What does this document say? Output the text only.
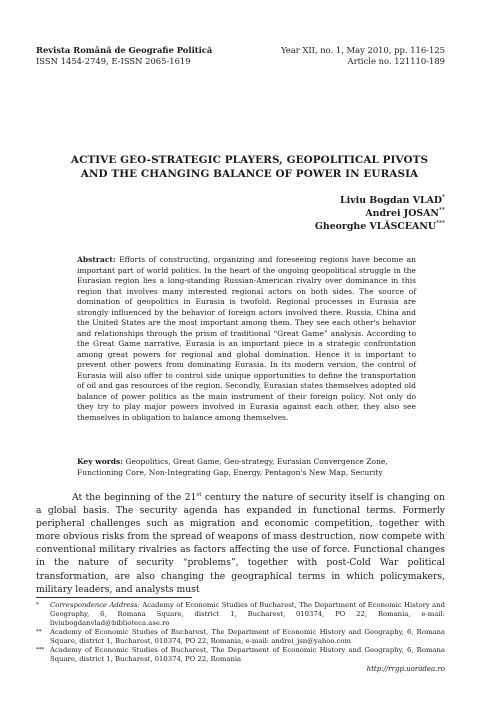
Revista Română de Geografie Politică
ISSN 1454-2749, E-ISSN 2065-1619
Year XII, no. 1, May 2010, pp. 116-125
Article no. 121110-189
ACTIVE GEO-STRATEGIC PLAYERS, GEOPOLITICAL PIVOTS
AND THE CHANGING BALANCE OF POWER IN EURASIA
Liviu Bogdan VLAD*
Andrei JOSAN**
Gheorghe VLĂSCEANU***
Abstract: Efforts of constructing, organizing and foreseeing regions have become an important part of world politics. In the heart of the ongoing geopolitical struggle in the Eurasian region lies a long-standing Russian-American rivalry over dominance in this region that involves many interested regional actors on both sides. The source of domination of geopolitics in Eurasia is twofold. Regional processes in Eurasia are strongly influenced by the behavior of foreign actors involved there. Russia, China and the United States are the most important among them. They see each other's behavior and relationships through the prism of traditional “Great Game” analysis. According to the Great Game narrative, Eurasia is an important piece in a strategic confrontation among great powers for regional and global domination. Hence it is important to prevent other powers from dominating Eurasia. In its modern version, the control of Eurasia will also offer to control side unique opportunities to define the transportation of oil and gas resources of the region. Secondly, Eurasian states themselves adopted old balance of power politics as the main instrument of their foreign policy. Not only do they try to play major powers involved in Eurasia against each other, they also see themselves in obligation to balance among themselves.
Key words: Geopolitics, Great Game, Geo-strategy, Eurasian Convergence Zone, Functioning Core, Non-Integrating Gap, Energy, Pentagon's New Map, Security
At the beginning of the 21st century the nature of security itself is changing on a global basis. The security agenda has expanded in functional terms. Formerly peripheral challenges such as migration and economic competition, together with more obvious risks from the spread of weapons of mass destruction, now compete with conventional military rivalries as factors affecting the use of force. Functional changes in the nature of security “problems”, together with post-Cold War political transformation, are also changing the geographical terms in which policymakers, military leaders, and analysts must
* Correspondence Address: Academy of Economic Studies of Bucharest, The Department of Economic History and Geography, 6, Romana Square, district 1, Bucharest, 010374, PO 22, Romania, e-mail: liviubogdanvlad@biblioteca.ase.ro
** Academy of Economic Studies of Bucharest, The Department of Economic History and Geography, 6, Romana Square, district 1, Bucharest, 010374, PO 22, Romania, e-mail: andrei_jsn@yahoo.com
*** Academy of Economic Studies of Bucharest, The Department of Economic History and Geography, 6, Romana Square, district 1, Bucharest, 010374, PO 22, Romania
http://rrgp.uoradea.ro
